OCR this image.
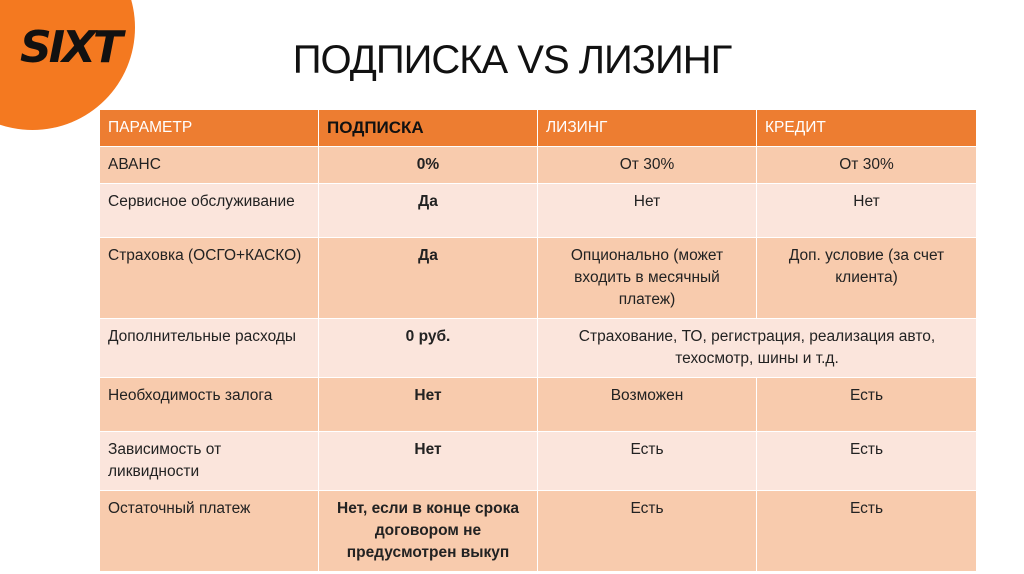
SIXT	ПОДПИСКА VS ЛИЗИНГ
ПАРАМЕТР	ПОДПИСКА	ЛИЗИНГ	КРЕДИТ
АВАНС	0%	От 30%	От 30%
Сервисное обслуживание	Да	Нет	Нет
Страховка (ОСГО+КАСКО)	Да	Опционально (может входить в месячный платеж)	Доп. условие (за счет клиента)
Дополнительные расходы	0 руб.	Страхование, ТО, регистрация, реализация авто, техосмотр, шины и т.д.	
Необходимость залога	Нет	Возможен	Есть
Зависимость от ликвидности	Нет	Есть	Есть
Остаточный платеж	Нет, если в конце срока договором не предусмотрен выкуп	Есть	Есть
